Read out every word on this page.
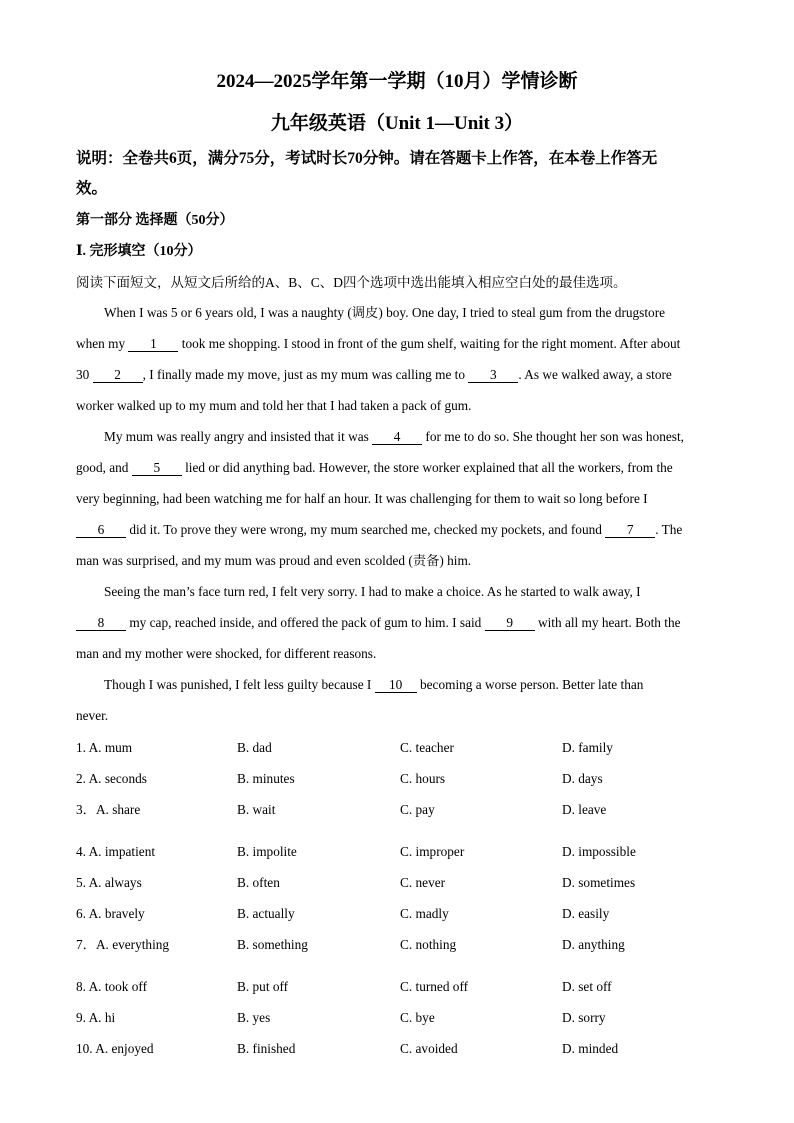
2024—2025学年第一学期（10月）学情诊断
九年级英语（Unit 1—Unit 3）
说明：全卷共6页，满分75分，考试时长70分钟。请在答题卡上作答，在本卷上作答无
效。
第一部分 选择题（50分）
Ⅰ. 完形填空（10分）
阅读下面短文，从短文后所给的A、B、C、D四个选项中选出能填入相应空白处的最佳选项。
When I was 5 or 6 years old, I was a naughty (调皮) boy. One day, I tried to steal gum from the drugstore
when my 1 took me shopping. I stood in front of the gum shelf, waiting for the right moment. After about
30 2 , I finally made my move, just as my mum was calling me to 3 . As we walked away, a store
worker walked up to my mum and told her that I had taken a pack of gum.
My mum was really angry and insisted that it was 4 for me to do so. She thought her son was honest,
good, and 5 lied or did anything bad. However, the store worker explained that all the workers, from the
very beginning, had been watching me for half an hour. It was challenging for them to wait so long before I
6 did it. To prove they were wrong, my mum searched me, checked my pockets, and found 7 . The
man was surprised, and my mum was proud and even scolded (责备) him.
Seeing the man’s face turn red, I felt very sorry. I had to make a choice. As he started to walk away, I
8 my cap, reached inside, and offered the pack of gum to him. I said 9 with all my heart. Both the
man and my mother were shocked, for different reasons.
Though I was punished, I felt less guilty because I 10 becoming a worse person. Better late than
never.
1. A. mum	B. dad	C. teacher	D. family
2. A. seconds	B. minutes	C. hours	D. days
3．A. share	B. wait	C. pay	D. leave
4. A. impatient	B. impolite	C. improper	D. impossible
5. A. always	B. often	C. never	D. sometimes
6. A. bravely	B. actually	C. madly	D. easily
7．A. everything	B. something	C. nothing	D. anything
8. A. took off	B. put off	C. turned off	D. set off
9. A. hi	B. yes	C. bye	D. sorry
10. A. enjoyed	B. finished	C. avoided	D. minded
